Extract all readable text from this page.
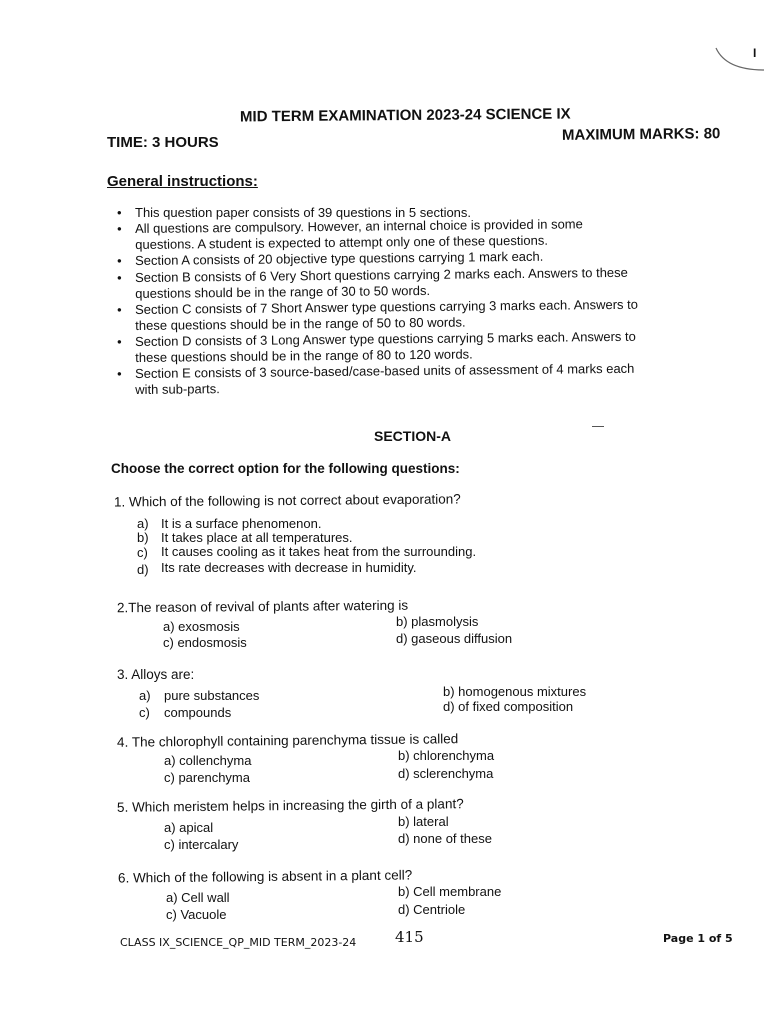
I
MID TERM EXAMINATION 2023-24 SCIENCE IX
TIME: 3 HOURS	MAXIMUM MARKS: 80
General instructions:
• This question paper consists of 39 questions in 5 sections.
• All questions are compulsory. However, an internal choice is provided in some
questions. A student is expected to attempt only one of these questions.
• Section A consists of 20 objective type questions carrying 1 mark each.
• Section B consists of 6 Very Short questions carrying 2 marks each. Answers to these
questions should be in the range of 30 to 50 words.
• Section C consists of 7 Short Answer type questions carrying 3 marks each. Answers to
these questions should be in the range of 50 to 80 words.
• Section D consists of 3 Long Answer type questions carrying 5 marks each. Answers to
these questions should be in the range of 80 to 120 words.
• Section E consists of 3 source-based/case-based units of assessment of 4 marks each
with sub-parts.
SECTION-A
Choose the correct option for the following questions:
1. Which of the following is not correct about evaporation?
a) It is a surface phenomenon.
b) It takes place at all temperatures.
c) It causes cooling as it takes heat from the surrounding.
d) Its rate decreases with decrease in humidity.
2.The reason of revival of plants after watering is
a) exosmosis	b) plasmolysis
c) endosmosis	d) gaseous diffusion
3. Alloys are:
a) pure substances	b) homogenous mixtures
c) compounds	d) of fixed composition
4. The chlorophyll containing parenchyma tissue is called
a) collenchyma	b) chlorenchyma
c) parenchyma	d) sclerenchyma
5. Which meristem helps in increasing the girth of a plant?
a) apical	b) lateral
c) intercalary	d) none of these
6. Which of the following is absent in a plant cell?
a) Cell wall	b) Cell membrane
c) Vacuole	d) Centriole
CLASS IX_SCIENCE_QP_MID TERM_2023-24	415	Page 1 of 5
